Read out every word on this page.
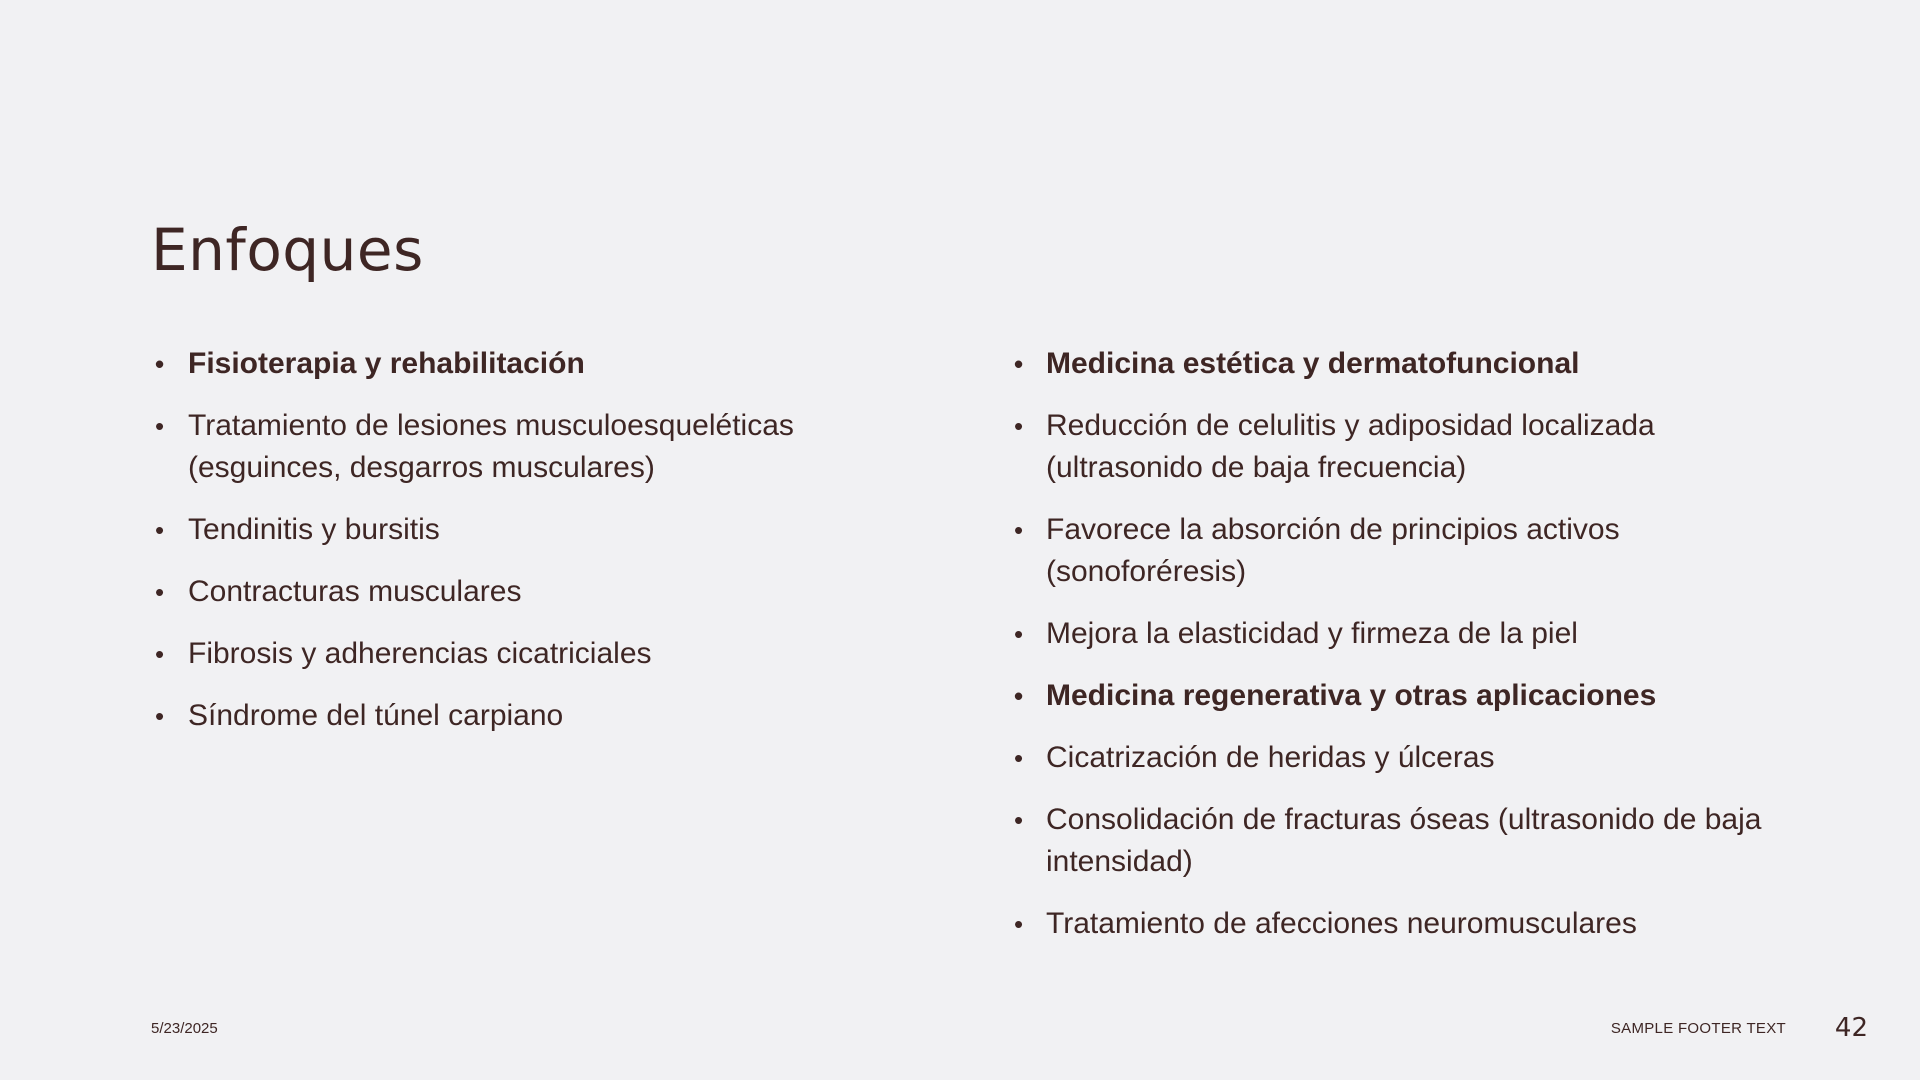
Enfoques
• Fisioterapia y rehabilitación
• Tratamiento de lesiones musculoesqueléticas (esguinces, desgarros musculares)
• Tendinitis y bursitis
• Contracturas musculares
• Fibrosis y adherencias cicatriciales
• Síndrome del túnel carpiano
• Medicina estética y dermatofuncional
• Reducción de celulitis y adiposidad localizada (ultrasonido de baja frecuencia)
• Favorece la absorción de principios activos (sonoforéresis)
• Mejora la elasticidad y firmeza de la piel
• Medicina regenerativa y otras aplicaciones
• Cicatrización de heridas y úlceras
• Consolidación de fracturas óseas (ultrasonido de baja intensidad)
• Tratamiento de afecciones neuromusculares
5/23/2025	SAMPLE FOOTER TEXT 42
